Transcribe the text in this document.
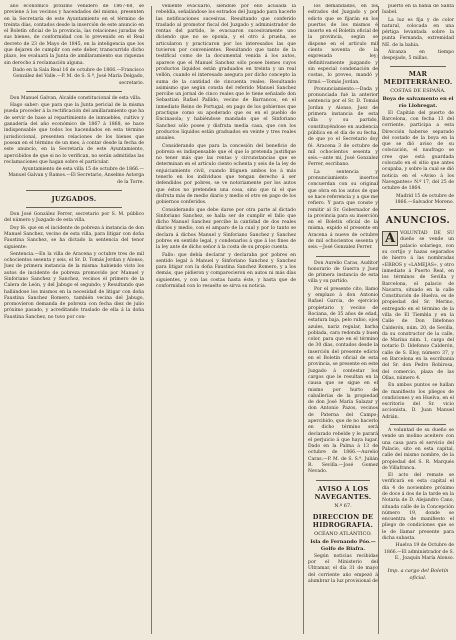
año económico próximo venidero de 1867-68, se previene á los vecinos y hacendados del mismo, presenten en la Secretaría de este Ayuntamiento en el término de treinta días, contados desde la inserción de este anuncio en el Boletín oficial de la provincia, las relaciones juradas de sus bienes, de conformidad con lo prevenido en el Real decreto de 23 de Mayo de 1845, en la inteligencia que los que dejaren de cumplir con este deber, transcurrido dicho plazo, les evaluará la Junta de amillaramiento sus riquezas sin derecho á reclamación alguna.

Dado en la Sala Real 16 de octubre de 1866.—Francisco González del Valle.—P. M. de S. S.ª, José María Delgado, secretario.

Don Manuel Galvan, Alcalde constitucional de esta villa.

Hago saber: que para que la Junta pericial de la misma pueda proceder á la rectificación del amillaramiento que ha de servir de base al repartimiento de inmuebles, cultivo y ganadería del año económico de 1867 á 1868, se hace indispensable que todos los hacendados en esta término jurisdiccional, presenten relaciones de los bienes que posean en el término de un mes, á contar desde la fecha de este anuncio, en la Secretaría de este Ayuntamiento, apercibidos de que si no lo verifican, no serán admitidas las reclamaciones que hagan sobre el particular.

Ayuntamiento de esta villa 15 de octubre de 1866.—Manuel Galvan y Ramos.—El Secretario, Anselmo Astorga de la Torre.

JUZGADOS.

Don José González Ferrer, secretario por S. M. público del número y Juzgado de esta villa.

Doy fé: que en el incidente de pobreza á instancia de don Manuel Sanchez, vecino de esta villa, para litigar con doña Faustina Sanchez, se ha dictado la sentencia del tenor siguiente:

Sentencia.—En la villa de Aracena y octubre tres de mil ochocientos sesenta y seis, el Sr. D. Tomás Jordan y Alonso, Juez de primera instancia de la misma: habiendo visto los autos de incidente de pobreza promovido por Manuel y Sinforiano Sanchez y Sanchez, vecinos el primero de la Calera de León, y del Jabugo el segundo; y Resultando que hallándose los mismos en la necesidad de litigar con doña Faustina Sanchez Romero, también vecina del Jabugo, promovieron demanda de pobreza con fecha diez de julio próximo pasado, y acreditando traslado de ella á la doña Faustina Sanchez, no tuvo por con-

veniente evacuarlo, siéndole por ello acusada la rebeldía, señalándose los estrados del Juzgado para hacerle las notificaciones sucesivas. Resultando que conferido traslado al promotor fiscal del Juzgado y administrador de rentas del partido, le evacuaron sucesivamente uno diciendo que no se oponía, y el otro á prueba, se articularon y practicaron por los interesados las que tuvieron por convenientes. Resultando que tanto de la testifical como de la documental venida á los autos, aparece que el Manuel Sanchez sólo posee bienes cuyos productos líquidos están graduados en treinta y un real vellón, cuando el interesado asegura por dicho concepto la suma de la cantidad de cincuenta reales. Resultando asimismo que según consta del referido Manuel Sanchez percibe un jornal de cinco reales que le tiene señalado don Sebastian Rafael Pallido, vecino de Barrancos, en el inmediato Reino de Portugal, en pago de los gobiernos que practique como su apoderado que es en el pueblo de Encinasola; y habiéndose mandado que el Sinforiano Sanchez sólo posee y disfruta media casa, que con los productos líquidos están graduados en veinte y tres reales anuales.

Considerando que para la concesión del beneficio de pobreza es indispensable que el que lo pretenda justifique no tener más que las rentas y circunstancias que se determinan en el artículo ciento ochenta y seis de la ley de enjuiciamiento civil, cuando litiguen ambos los á más tenerlo en los individuos que tengan derecho á ser defendidos por pobres, se ve notoriamente por los autos que éstos no pretenden una cosa, sino que ni el que disfruta más de medio diario y medio el otro en pago de los gobiernos conferidos.

Considerando que debe darse por otra parte al dictado Sinforiano Sanchez, se halla ser de cumplir el fallo que dicho Manuel Sanchez percibe la cantidad de dos reales diarios y medio, con el amparo de la cual y por lo tanto se declara á dichos Manuel y Sinforiano Sanchez y Sanchez pobres en sentido legal, y condenarlos á que á los fines de la ley ante de dicho señor á la costa de su propio cuenta.

Fallo: que debía declarar y declaraba por pobres en sentido legal á Manuel y Sinforiano Sanchez y Sanchez para litigar con la doña Faustina Sanchez Romero, y a los demás, que pidieron y comparecieron en autos ni más días siguientes, y con las costas hasta éste, y hasta que de conformidad con lo resuelto se sirva su noticia.

los demandados, en los estrados del Juzgado y por edicto que se fijarán en los puertos de los mismos é inserto en el Boletín oficial de la provincia, según se dispone en el artículo mil ciento noventa de la expresada ley; definitivamente juzgando y sin especial condenación de costas, lo proveo, mandó y firmó.—Tomás Jordan.

Pronunciamiento.—Dada y pronunciada fué la anterior sentencia por el Sr. D. Tomás Jordan y Alonso, Juez de primera instancia de esta villa y su partido, constituyéndose en audiencia pública en el día de su fecha, de que yo el Secretario doy fé. Aracena 3 de octubre de mil ochocientos sesenta y seis.—ante mí, José Gonzalez Ferrer, escribano.

La sentencia y pronunciamiento insertos concuerdan con su original que obra en los autos de que se hace referencia y a que me refiero. Y para que conste y remitir al Sr. Gobernador de la provincia para su inserción en el Boletín oficial de la misma, expido el presente en Aracena á nueve de octubre de mil ochocientos sesenta y seis.—José Gonzalez Ferrer.

Don Aurelio Caras, Auditor honorario de Guerra y Juez de primera instancia de esta villa y su partido.

Por el presente cito, llamo y emplazo á don Antonio Rafael Garcia, de ejercicio propietario y vecino de Rociana, de 35 años de edad, estatura baja, pelo rubio, ojos azules, nariz regular, barba poblada, cara redonda y buen color, para que en el término de 30 días, contados desde la inserción del presente edicto en el Boletín oficial de esta provincia, se presente en este Juzgado á contestar los cargos que le resultan en la causa que se sigue en el mismo por hurto de caballerías de la propiedad de don José María Salazar y don Antonio Pazos, vecinos de Paterna del Campo; apercibido, que de no hacerlo en dicho término será declarado rebelde y le parará el perjuicio á que haya lugar. Dado en la Palma á 13 de octubre de 1866.—Aurelio Caras.—P. M. de S. S.ª, Julián R. Sevilla.—José Gomez Nevado.

AVISO Á LOS NAVEGANTES.
N.º 67.
DIRECCION DE HIDROGRAFIA.
OCÉANO ATLÁNTICO.
Isla de Fernando Póo.—Golfo de Biafra.

Según noticias recibidas por el Ministerio del Ultramar, el día 31 de mayo del corriente año empezó á alumbrar la luz provisional de

puerto en la bahía de Santa Isabel.

La luz es fija y de color natural, colocada en una pértiga levantada sobre la punta Fernanda, extremidad NE. de la bahía.

Alcanza en tiempo despejado, 5 millas.

MAR MEDITERRÁNEO.
COSTAS DE ESPAÑA.
Boya de salvamento en el río Llobregat.

El Capitán del puerto de Barcelona, con fecha 13 del corriente, participa a esta Dirección haberse separado del costado de la boya en la que se dió aviso de su colocación, el naufrago se cree que está guardada colocado en el sitio que antes ocupaba, y sobre la cual se dió noticia en el «Aviso á los Navegantes» N.º 17, del 25 de octubre de 1864.

Madrid 15 de octubre de 1866.—Salvador Moreno.

ANUNCIOS.

A	VOLUNTAD DE SU dueño se vende un palacio solariego, con su cortijo y hazas separados de hierro á las nombradas «ERBOS y «LAMEJAS», y otro inmediato á Puerto Real, en los términos de Sevilla y Barcelona, el palacio de Navarra, situado en la calle Constitución de Huelva, es de propiedad del Sr. Merino, entregado en el término de la villa de El Tiembla y en la Calle de Don Ildefonso Calderón, núm. 20, de Sevilla, da su constructor de la calle, de Marina núm. 1, cargo del notario D. Ildefonso Calderón, calle de S. Eloy, número 37, y en Barcelona en la escribanía del Sr. don Pedro Robirosa, del comercio, plaza de las Ollas, número 4.

En ambos puntos se hallan de manifiesto los pliegos de condiciones y en Huelva, en el escritorio del Sr. vicio accionista, D. Juan Manuel Adrián.

A voluntad de su dueño se vende un molino aceitero con una casa para el servicio del Palacio, sito en esta capital, calle del mismo nombre, de la propiedad del S. R. Marqués de Villafranca.

El acto del remate se verificará en esta capital el día 4 de noviembre próximo de doce á dos de la tarde en la Notaria de D. Alejandro Cano, situada calle de la Concepción número 19, donde se encuentra de manifiesto el pliego de condiciones que se le de llamar presente para dicha subasta.

Huelva 19 de Octubre de 1866.—El administrador de S. E., Joaquín María Alonso.

Imp. a cargo del Boletín oficial.
